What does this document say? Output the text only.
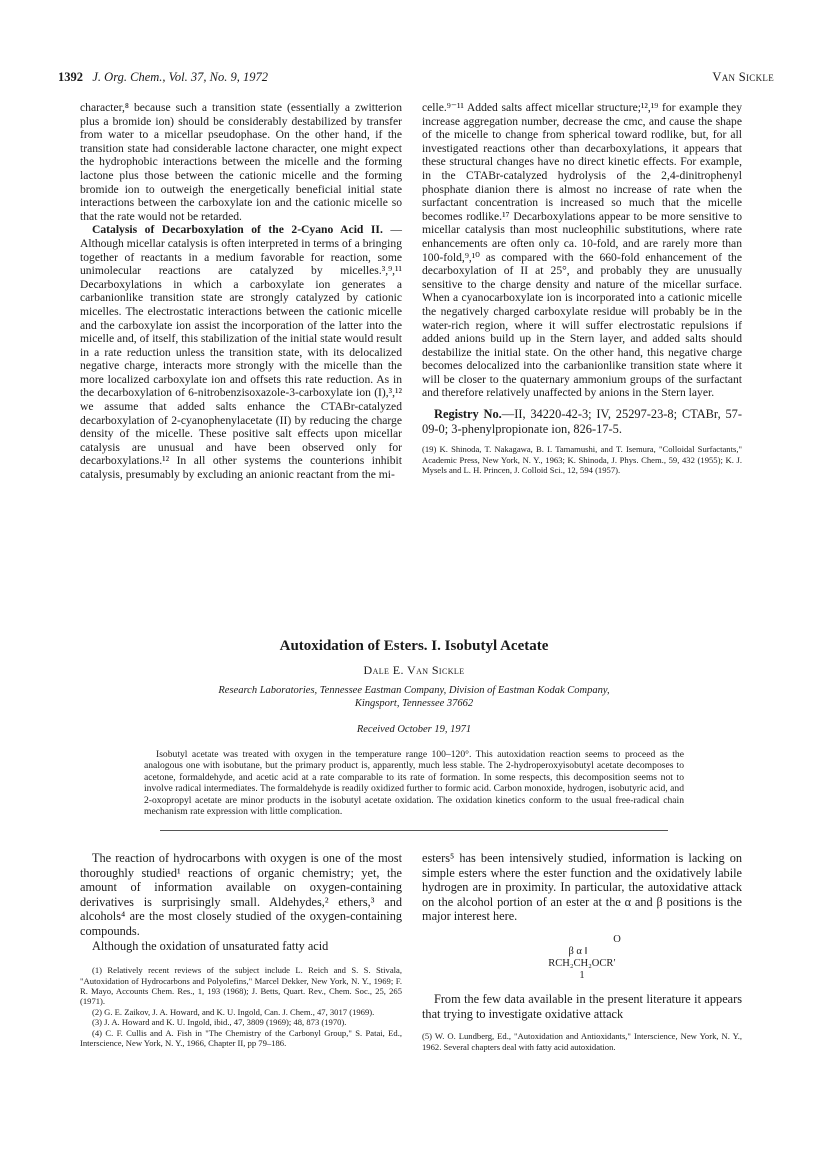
1392 J. Org. Chem., Vol. 37, No. 9, 1972	Van Sickle

character,⁸ because such a transition state (essentially a zwitterion plus a bromide ion) should be considerably destabilized by transfer from water to a micellar pseudophase. On the other hand, if the transition state had considerable lactone character, one might expect the hydrophobic interactions between the micelle and the forming lactone plus those between the cationic micelle and the forming bromide ion to outweigh the energetically beneficial initial state interactions between the carboxylate ion and the cationic micelle so that the rate would not be retarded.

Catalysis of Decarboxylation of the 2-Cyano Acid II. —Although micellar catalysis is often interpreted in terms of a bringing together of reactants in a medium favorable for reaction, some unimolecular reactions are catalyzed by micelles.³,⁹,¹¹ Decarboxylations in which a carboxylate ion generates a carbanionlike transition state are strongly catalyzed by cationic micelles. The electrostatic interactions between the cationic micelle and the carboxylate ion assist the incorporation of the latter into the micelle and, of itself, this stabilization of the initial state would result in a rate reduction unless the transition state, with its delocalized negative charge, interacts more strongly with the micelle than the more localized carboxylate ion and offsets this rate reduction. As in the decarboxylation of 6-nitrobenzisoxazole-3-carboxylate ion (I),³,¹² we assume that added salts enhance the CTABr-catalyzed decarboxylation of 2-cyanophenylacetate (II) by reducing the charge density of the micelle. These positive salt effects upon micellar catalysis are unusual and have been observed only for decarboxylations.¹² In all other systems the counterions inhibit catalysis, presumably by excluding an anionic reactant from the mi-

celle.⁹⁻¹¹ Added salts affect micellar structure;¹²,¹⁹ for example they increase aggregation number, decrease the cmc, and cause the shape of the micelle to change from spherical toward rodlike, but, for all investigated reactions other than decarboxylations, it appears that these structural changes have no direct kinetic effects. For example, in the CTABr-catalyzed hydrolysis of the 2,4-dinitrophenyl phosphate dianion there is almost no increase of rate when the surfactant concentration is increased so much that the micelle becomes rodlike.¹⁷ Decarboxylations appear to be more sensitive to micellar catalysis than most nucleophilic substitutions, where rate enhancements are often only ca. 10-fold, and are rarely more than 100-fold,⁹,¹⁰ as compared with the 660-fold enhancement of the decarboxylation of II at 25°, and probably they are unusually sensitive to the charge density and nature of the micellar surface. When a cyanocarboxylate ion is incorporated into a cationic micelle the negatively charged carboxylate residue will probably be in the water-rich region, where it will suffer electrostatic repulsions if added anions build up in the Stern layer, and added salts should destabilize the initial state. On the other hand, this negative charge becomes delocalized into the carbanionlike transition state where it will be closer to the quaternary ammonium groups of the surfactant and therefore relatively unaffected by anions in the Stern layer.

Registry No.—II, 34220-42-3; IV, 25297-23-8; CTABr, 57-09-0; 3-phenylpropionate ion, 826-17-5.

(19) K. Shinoda, T. Nakagawa, B. I. Tamamushi, and T. Isemura, "Colloidal Surfactants," Academic Press, New York, N. Y., 1963; K. Shinoda, J. Phys. Chem., 59, 432 (1955); K. J. Mysels and L. H. Princen, J. Colloid Sci., 12, 594 (1957).
Autoxidation of Esters. I. Isobutyl Acetate
Dale E. Van Sickle
Research Laboratories, Tennessee Eastman Company, Division of Eastman Kodak Company,
Kingsport, Tennessee 37662
Received October 19, 1971

Isobutyl acetate was treated with oxygen in the temperature range 100–120°. This autoxidation reaction seems to proceed as the analogous one with isobutane, but the primary product is, apparently, much less stable. The 2-hydroperoxyisobutyl acetate decomposes to acetone, formaldehyde, and acetic acid at a rate comparable to its rate of formation. In some respects, this decomposition seems not to involve radical intermediates. The formaldehyde is readily oxidized further to formic acid. Carbon monoxide, hydrogen, isobutyric acid, and 2-oxopropyl acetate are minor products in the isobutyl acetate oxidation. The oxidation kinetics conform to the usual free-radical chain mechanism rate expression with little complication.

The reaction of hydrocarbons with oxygen is one of the most thoroughly studied¹ reactions of organic chemistry; yet, the amount of information available on oxygen-containing derivatives is surprisingly small. Aldehydes,² ethers,³ and alcohols⁴ are the most closely studied of the oxygen-containing compounds.

Although the oxidation of unsaturated fatty acid

(1) Relatively recent reviews of the subject include L. Reich and S. S. Stivala, "Autoxidation of Hydrocarbons and Polyolefins," Marcel Dekker, New York, N. Y., 1969; F. R. Mayo, Accounts Chem. Res., 1, 193 (1968); J. Betts, Quart. Rev., Chem. Soc., 25, 265 (1971).

(2) G. E. Zaikov, J. A. Howard, and K. U. Ingold, Can. J. Chem., 47, 3017 (1969).

(3) J. A. Howard and K. U. Ingold, ibid., 47, 3809 (1969); 48, 873 (1970).

(4) C. F. Cullis and A. Fish in "The Chemistry of the Carbonyl Group," S. Patai, Ed., Interscience, New York, N. Y., 1966, Chapter II, pp 79–186.

esters⁵ has been intensively studied, information is lacking on simple esters where the ester function and the oxidatively labile hydrogen are in proximity. In particular, the autoxidative attack on the alcohol portion of an ester at the α and β positions is the major interest here.

O
β α ‖
RCH₂CH₂OCR′
1

From the few data available in the present literature it appears that trying to investigate oxidative attack

(5) W. O. Lundberg, Ed., "Autoxidation and Antioxidants," Interscience, New York, N. Y., 1962. Several chapters deal with fatty acid autoxidation.
